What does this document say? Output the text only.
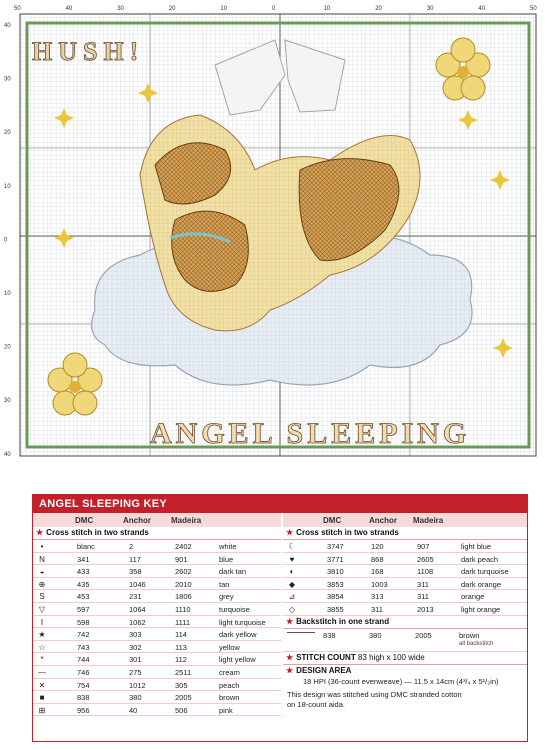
HUSH!
ANGEL SLEEPING
50	40	30	20	10	0	10	20	30	40	50
40
30
20
10
0
10
20
30
40
ANGEL SLEEPING KEY
DMC	Anchor	Madeira
★ Cross stitch in two strands
•	blanc	2	2402	white
N	341	117	901	blue
◒	433	358	2602	dark tan
⊕	435	1046	2010	tan
S	453	231	1806	grey
▽	597	1064	1110	turquoise
I	598	1062	1111	light turquoise
★	742	303	114	dark yellow
☆	743	302	113	yellow
*	744	301	112	light yellow
—	746	275	2511	cream
✕	754	1012	305	peach
■	838	380	2005	brown
⊞	956	40	506	pink
DMC	Anchor Madeira
★ Cross stitch in two strands
☾	3747	120	907	light blue
♥	3771	868	2605	dark peach
◐	3810	168	1108	dark turquoise
◆	3853	1003	311	dark orange
⊿	3854	313	311	orange
◇	3855	311	2013	light orange
★ Backstitch in one strand
838	380	2005	brown
all backstitch
★ STITCH COUNT 83 high x 100 wide
★ DESIGN AREA
18 HPI (36-count evenweave) — 11.5 x 14cm (4³/₄ x 5¹/₂in)
This design was stitched using DMC stranded cotton
on 18-count aida.
